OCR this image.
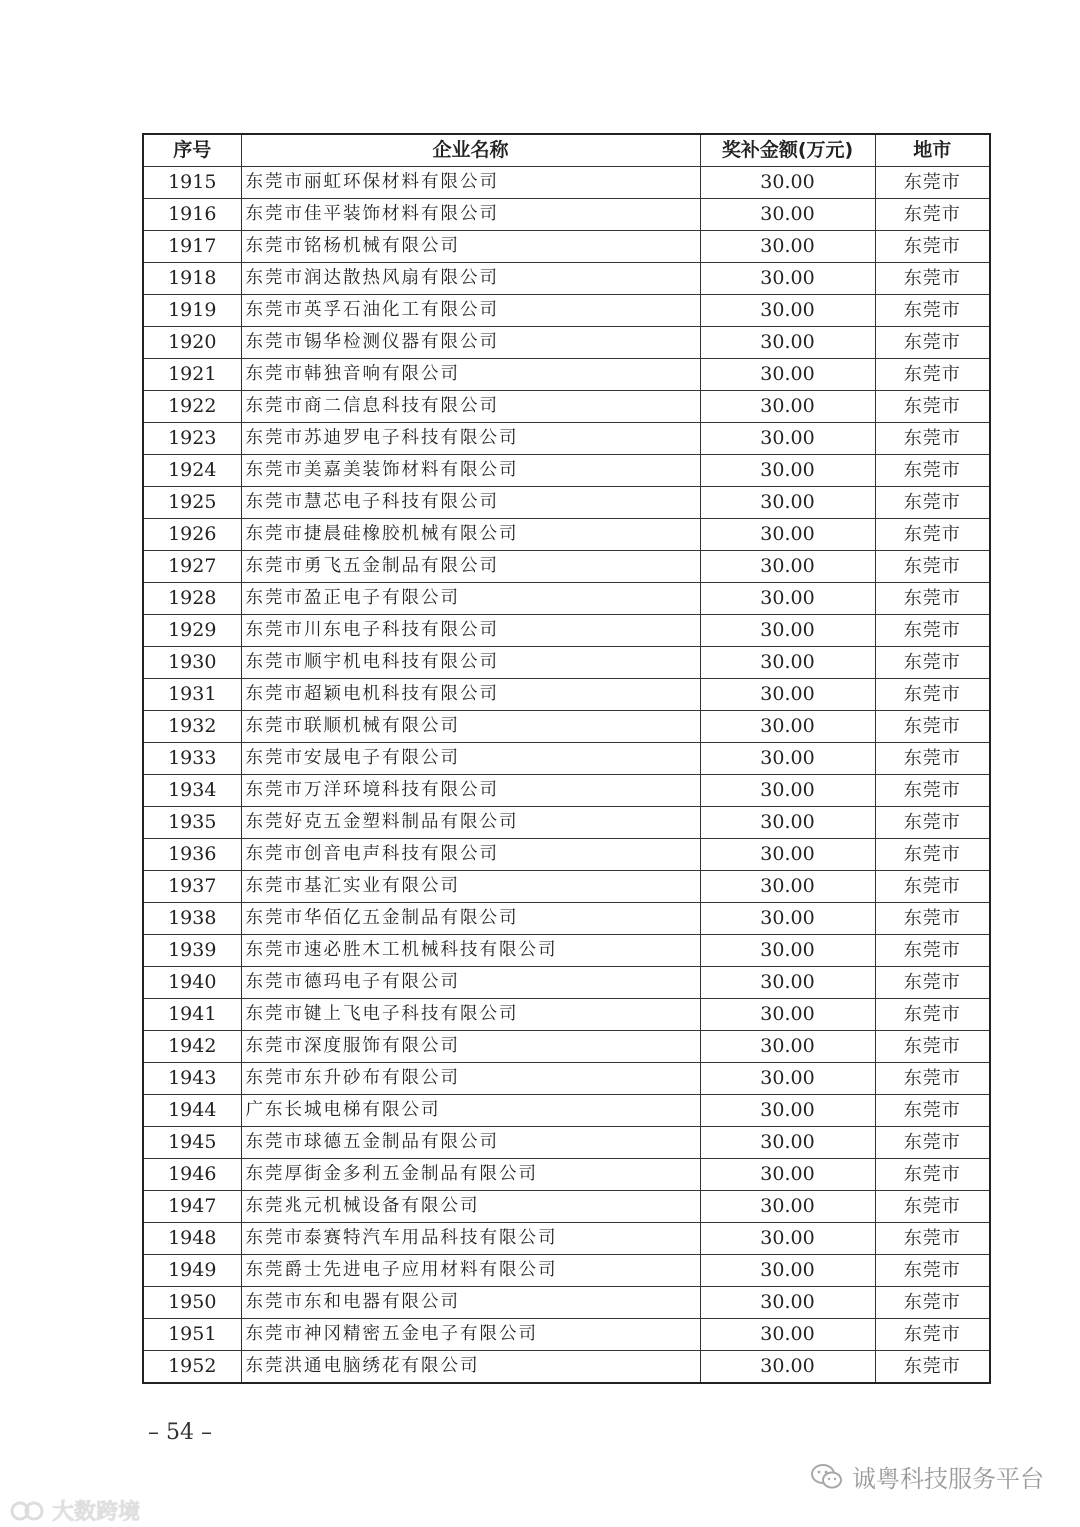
序号	企业名称	奖补金额(万元)	地市
1915	东莞市丽虹环保材料有限公司	30.00	东莞市
1916	东莞市佳平装饰材料有限公司	30.00	东莞市
1917	东莞市铭杨机械有限公司	30.00	东莞市
1918	东莞市润达散热风扇有限公司	30.00	东莞市
1919	东莞市英孚石油化工有限公司	30.00	东莞市
1920	东莞市锡华检测仪器有限公司	30.00	东莞市
1921	东莞市韩独音响有限公司	30.00	东莞市
1922	东莞市商二信息科技有限公司	30.00	东莞市
1923	东莞市苏迪罗电子科技有限公司	30.00	东莞市
1924	东莞市美嘉美装饰材料有限公司	30.00	东莞市
1925	东莞市慧芯电子科技有限公司	30.00	东莞市
1926	东莞市捷晨硅橡胶机械有限公司	30.00	东莞市
1927	东莞市勇飞五金制品有限公司	30.00	东莞市
1928	东莞市盈正电子有限公司	30.00	东莞市
1929	东莞市川东电子科技有限公司	30.00	东莞市
1930	东莞市顺宇机电科技有限公司	30.00	东莞市
1931	东莞市超颖电机科技有限公司	30.00	东莞市
1932	东莞市联顺机械有限公司	30.00	东莞市
1933	东莞市安晟电子有限公司	30.00	东莞市
1934	东莞市万洋环境科技有限公司	30.00	东莞市
1935	东莞好克五金塑料制品有限公司	30.00	东莞市
1936	东莞市创音电声科技有限公司	30.00	东莞市
1937	东莞市基汇实业有限公司	30.00	东莞市
1938	东莞市华佰亿五金制品有限公司	30.00	东莞市
1939	东莞市速必胜木工机械科技有限公司	30.00	东莞市
1940	东莞市德玛电子有限公司	30.00	东莞市
1941	东莞市键上飞电子科技有限公司	30.00	东莞市
1942	东莞市深度服饰有限公司	30.00	东莞市
1943	东莞市东升砂布有限公司	30.00	东莞市
1944	广东长城电梯有限公司	30.00	东莞市
1945	东莞市球德五金制品有限公司	30.00	东莞市
1946	东莞厚街金多利五金制品有限公司	30.00	东莞市
1947	东莞兆元机械设备有限公司	30.00	东莞市
1948	东莞市泰赛特汽车用品科技有限公司	30.00	东莞市
1949	东莞爵士先进电子应用材料有限公司	30.00	东莞市
1950	东莞市东和电器有限公司	30.00	东莞市
1951	东莞市神冈精密五金电子有限公司	30.00	东莞市
1952	东莞洪通电脑绣花有限公司	30.00	东莞市
– 54 –
诚粤科技服务平台
大数跨境
